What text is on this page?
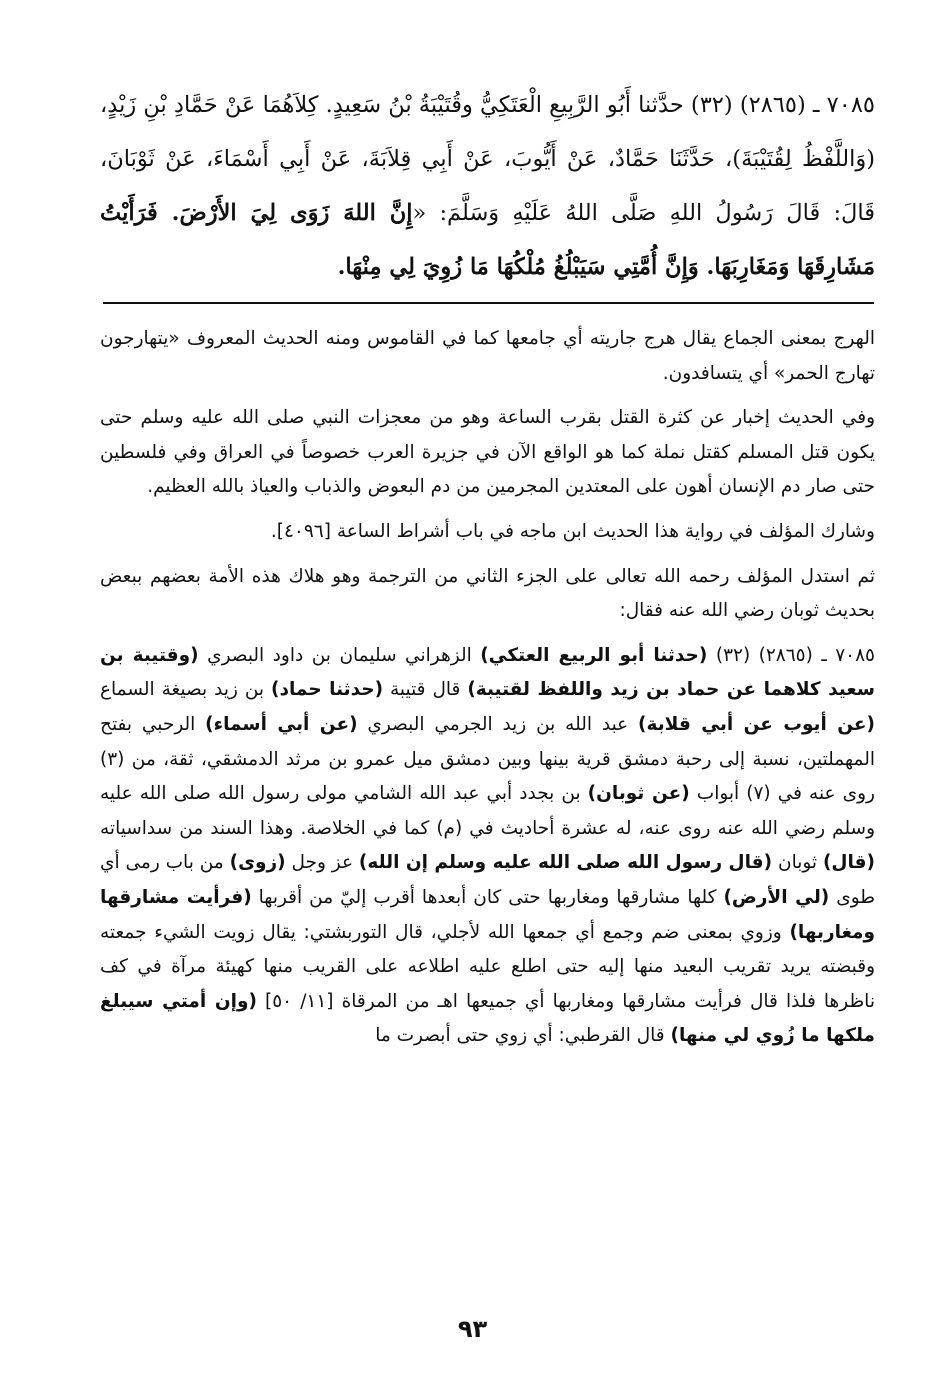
٧٠٨٥ ـ (٢٨٦٥) (٣٢) حدَّثنا أَبُو الرَّبِيعِ الْعَتَكِيُّ وقُتَيْبَةُ بْنُ سَعِيدٍ. كِلاَهُمَا عَنْ حَمَّادِ بْنِ زَيْدٍ، (وَاللَّفْظُ لِقُتَيْبَةَ)، حَدَّثَنَا حَمَّادٌ، عَنْ أَيُّوبَ، عَنْ أَبِي قِلاَبَةَ، عَنْ أَبِي أَسْمَاءَ، عَنْ ثَوْبَانَ، قَالَ: قَالَ رَسُولُ اللهِ صَلَّى اللهُ عَلَيْهِ وَسَلَّمَ: «إِنَّ اللهَ زَوَى لِيَ الأَرْضَ. فَرَأَيْتُ مَشَارِقَهَا وَمَغَارِبَهَا. وَإِنَّ أُمَّتِي سَيَبْلُغُ مُلْكُهَا مَا زُوِيَ لِي مِنْهَا.

الهرج بمعنى الجماع يقال هرج جاريته أي جامعها كما في القاموس ومنه الحديث المعروف «يتهارجون تهارج الحمر» أي يتسافدون.

وفي الحديث إخبار عن كثرة القتل بقرب الساعة وهو من معجزات النبي صلى الله عليه وسلم حتى يكون قتل المسلم كقتل نملة كما هو الواقع الآن في جزيرة العرب خصوصاً في العراق وفي فلسطين حتى صار دم الإنسان أهون على المعتدين المجرمين من دم البعوض والذباب والعياذ بالله العظيم.

وشارك المؤلف في رواية هذا الحديث ابن ماجه في باب أشراط الساعة [٤٠٩٦].

ثم استدل المؤلف رحمه الله تعالى على الجزء الثاني من الترجمة وهو هلاك هذه الأمة بعضهم ببعض بحديث ثوبان رضي الله عنه فقال:

٧٠٨٥ ـ (٢٨٦٥) (٣٢) (حدثنا أبو الربيع العتكي) الزهراني سليمان بن داود البصري (وقتيبة بن سعيد كلاهما عن حماد بن زيد واللفظ لقتيبة) قال قتيبة (حدثنا حماد) بن زيد بصيغة السماع (عن أيوب عن أبي قلابة) عبد الله بن زيد الجرمي البصري (عن أبي أسماء) الرحبي بفتح المهملتين، نسبة إلى رحبة دمشق قرية بينها وبين دمشق ميل عمرو بن مرثد الدمشقي، ثقة، من (٣) روى عنه في (٧) أبواب (عن ثوبان) بن بجدد أبي عبد الله الشامي مولى رسول الله صلى الله عليه وسلم رضي الله عنه روى عنه، له عشرة أحاديث في (م) كما في الخلاصة. وهذا السند من سداسياته (قال) ثوبان (قال رسول الله صلى الله عليه وسلم إن الله) عز وجل (زوى) من باب رمى أي طوى (لي الأرض) كلها مشارقها ومغاربها حتى كان أبعدها أقرب إليّ من أقربها (فرأيت مشارقها ومغاربها) وزوي بمعنى ضم وجمع أي جمعها الله لأجلي، قال التوربشتي: يقال زويت الشيء جمعته وقبضته يريد تقريب البعيد منها إليه حتى اطلع عليه اطلاعه على القريب منها كهيئة مرآة في كف ناظرها فلذا قال فرأيت مشارقها ومغاربها أي جميعها اهـ من المرقاة [١١/ ٥٠] (وإن أمتي سيبلغ ملكها ما زُوي لي منها) قال القرطبي: أي زوي حتى أبصرت ما

٩٣
